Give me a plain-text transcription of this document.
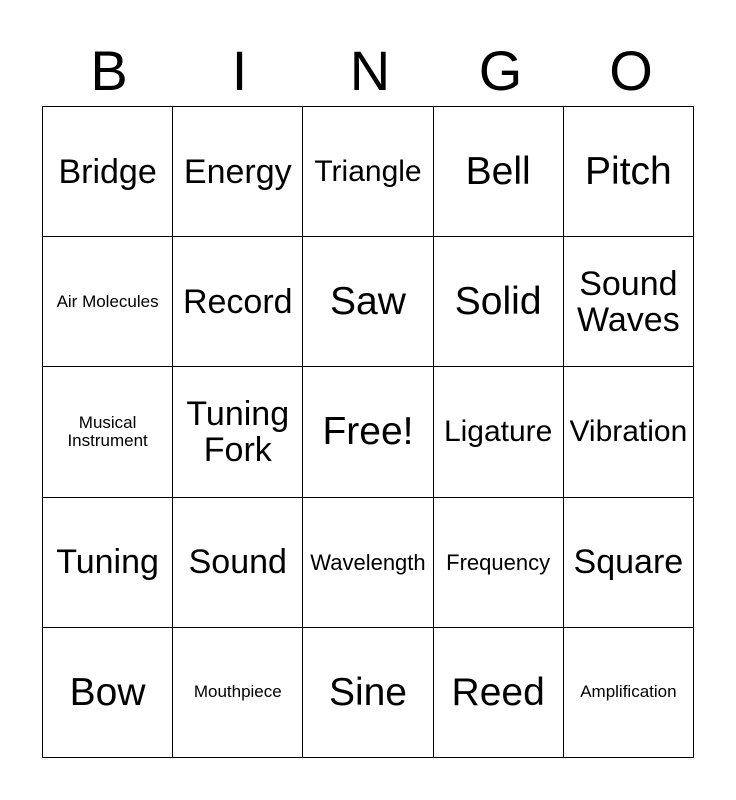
B	I	N	G	O
Bridge	Energy	Triangle	Bell	Pitch
Air Molecules	Record	Saw	Solid	Sound Waves
Musical Instrument	Tuning Fork	Free!	Ligature	Vibration
Tuning	Sound	Wavelength	Frequency	Square
Bow	Mouthpiece	Sine	Reed	Amplification
